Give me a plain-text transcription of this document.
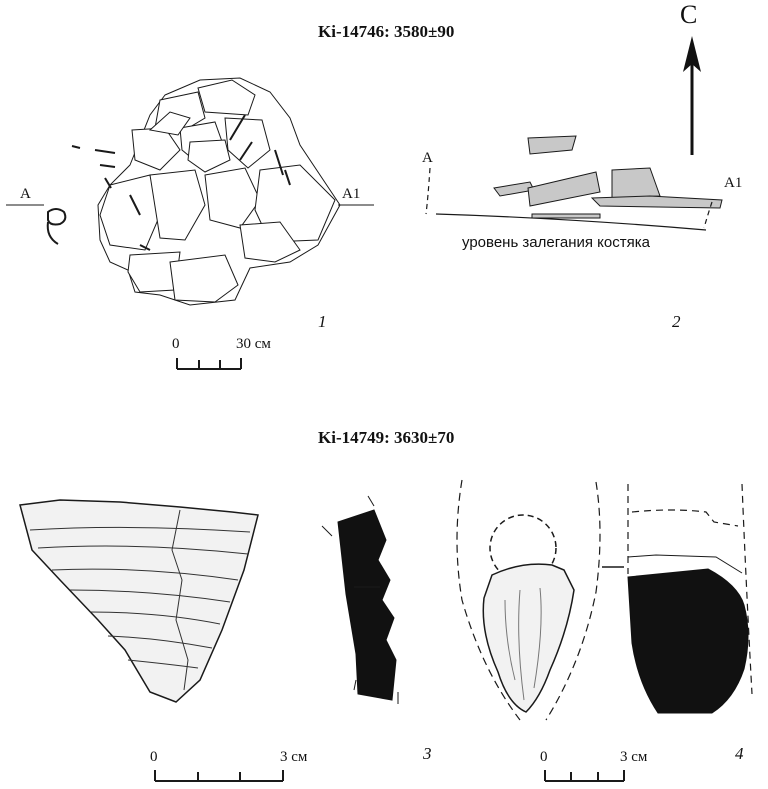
Ki-14746: 3580±90
Ki-14749: 3630±70
A	A1
0	30 см
1
С
A
A1
уровень залегания костяка
2
0	3 см	3	0	3 см	4
